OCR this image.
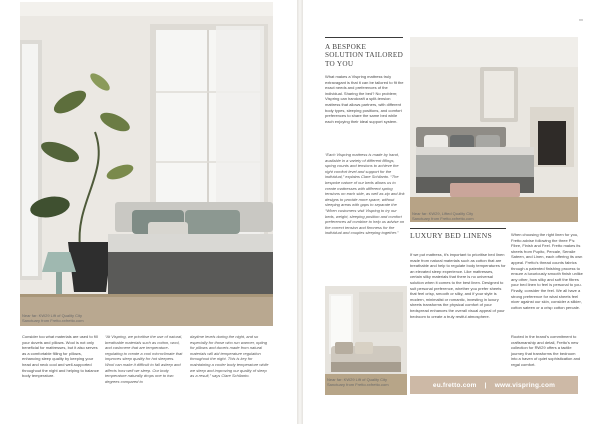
Near far: KW29 Lift of Quality City Sanctuary from Fretto.xxfretto.com
Consider too what materials are used to fill your duvets and pillows. Wool is not only beneficial for mattresses, but it also serves as a comfortable filling for pillows, enhancing sleep quality by keeping your head and neck cool and well-supported throughout the night and helping to balance body temperature.
“At Vispring, we prioritise the use of natural, breathable materials such as cotton, wool, and cashmere that are temperature-regulating to create a cool microclimate that improves sleep quality for hot sleepers. Wool can make it difficult to fall asleep and affects how well we sleep. Our body temperature naturally drops one to two degrees compared to
daytime levels during the night, and so especially for those who run warmer, opting for pillows and duvets made from natural materials will aid temperature regulation throughout the night. This is key for maintaining a cooler body temperature while we sleep and improving our quality of sleep as a result,” says Clare Schilanto.
xx
A BESPOKE SOLUTION TAILORED TO YOU
What makes a Vispring mattress truly extravagant is that it can be tailored to fit the exact needs and preferences of the individual. Sharing the bed? No problem; Vispring can handcraft a split-tension mattress that allows partners, with different body types, sleeping positions, and comfort preferences to share the same bed while each enjoying their ideal support system.
“Each Vispring mattress is made by hand, available in a variety of different fillings, spring counts and tensions to achieve the right comfort level and support for the individual,” explains Clare Schilanto. “The bespoke nature of our beds allows us to create mattresses with different spring tensions on each side, as well as zip and link designs to provide more space, without sleeping areas with gaps to separate the
“When customers visit Vispring to try our beds, weight, sleeping position and comfort preferences all combine to help us advise on the correct tension and firmness for the individual and couples sleeping together.”
Near far: KW29, Lifted Quality City Sanctuary from Fretto.xxfretto.com
LUXURY BED LINENS
If we put mattress, it’s important to prioritise bed linen made from natural materials such as cotton that are breathable and help to regulate body temperatures for an elevated sleep experience. Like mattresses, certain silky materials that there is no universal solution when it comes to the best linen. Designed to suit personal preference, whether you prefer sheets that feel crisp, smooth or silky, and if your style is modern, minimalist or romantic, investing in luxury sheets transforms the physical comfort of your bedspread enhances the overall visual appeal of your bedroom to create a truly restful atmosphere.
When choosing the right linen for you, Fretto advise following the three P’s: Fibre, Finish and Feel. Fretto makes its sheets from Pupito, Percale, Sensile Sateen, and Linen, each offering its own appeal. Fretto’s thread counts fabrics through a patented finishing process to ensure a luxuriously smooth finish unlike any other, how silky and soft the fibres your bed linen to feel is personal to you. Finally, consider the feel. We all have a strong preference for what sheets feel nicer against our skin, consider a silkier, cotton sateen or a crisp cotton percale.
Rooted in the brand’s commitment to craftsmanship and detail, Fretto’s new collection for RW29 offers a tactile journey that transforms the bedroom into a haven of quiet sophistication and regal comfort.
Near far: KW29 Lift of Quality City Sanctuary from Fretto.xxfretto.com	eu.fretto.com | www.vispring.com
